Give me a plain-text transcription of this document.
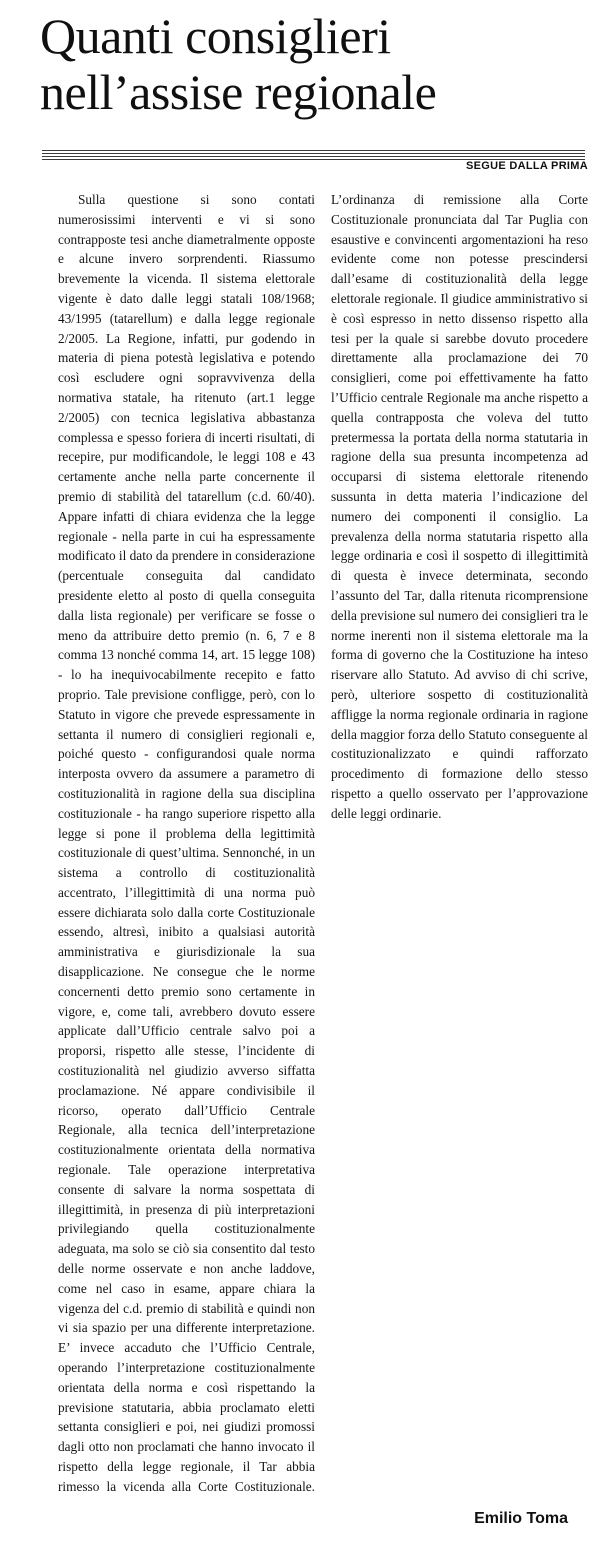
Quanti consiglieri nell’assise regionale

SEGUE DALLA PRIMA

Sulla questione si sono contati numerosissimi interventi e vi si sono contrapposte tesi anche diametralmente opposte e alcune invero sorprendenti. Riassumo brevemente la vicenda. Il sistema elettorale vigente è dato dalle leggi statali 108/1968; 43/1995 (tatarellum) e dalla legge regionale 2/2005. La Regione, infatti, pur godendo in materia di piena potestà legislativa e potendo così escludere ogni sopravvivenza della normativa statale, ha ritenuto (art.1 legge 2/2005) con tecnica legislativa abbastanza complessa e spesso foriera di incerti risultati, di recepire, pur modificandole, le leggi 108 e 43 certamente anche nella parte concernente il premio di stabilità del tatarellum (c.d. 60/40). Appare infatti di chiara evidenza che la legge regionale - nella parte in cui ha espressamente modificato il dato da prendere in considerazione (percentuale conseguita dal candidato presidente eletto al posto di quella conseguita dalla lista regionale) per verificare se fosse o meno da attribuire detto premio (n. 6, 7 e 8 comma 13 nonché comma 14, art. 15 legge 108) - lo ha inequivocabilmente recepito e fatto proprio. Tale previsione confligge, però, con lo Statuto in vigore che prevede espressamente in settanta il numero di consiglieri regionali e, poiché questo - configurandosi quale norma interposta ovvero da assumere a parametro di costituzionalità in ragione della sua disciplina costituzionale - ha rango superiore rispetto alla legge si pone il problema della legittimità costituzionale di quest’ultima. Sennonché, in un sistema a controllo di costituzionalità accentrato, l’illegittimità di una norma può essere dichiarata solo dalla corte Costituzionale essendo, altresì, inibito a qualsiasi autorità amministrativa e giurisdizionale la sua disapplicazione. Ne consegue che le norme concernenti detto premio sono certamente in vigore, e, come tali, avrebbero dovuto essere applicate dall’Ufficio centrale salvo poi a proporsi, rispetto alle stesse, l’incidente di costituzionalità nel giudizio avverso siffatta proclamazione. Né appare condivisibile il ricorso, operato dall’Ufficio Centrale Regionale, alla tecnica dell’interpretazione costituzionalmente orientata della normativa regionale. Tale operazione interpretativa consente di salvare la norma sospettata di illegittimità, in presenza di più interpretazioni privilegiando quella costituzionalmente adeguata, ma solo se ciò sia consentito dal testo delle norme osservate e non anche laddove, come nel caso in esame, appare chiara la vigenza del c.d. premio di stabilità e quindi non vi sia spazio per una differente interpretazione. E’ invece accaduto che l’Ufficio Centrale, operando l’interpretazione costituzionalmente orientata della norma e così rispettando la previsione statutaria, abbia proclamato eletti settanta consiglieri e poi, nei giudizi promossi dagli otto non proclamati che hanno invocato il rispetto della legge regionale, il Tar abbia rimesso la vicenda alla Corte Costituzionale. L’ordinanza di remissione alla Corte Costituzionale pronunciata dal Tar Puglia con esaustive e convincenti argomentazioni ha reso evidente come non potesse prescindersi dall’esame di costituzionalità della legge elettorale regionale. Il giudice amministrativo si è così espresso in netto dissenso rispetto alla tesi per la quale si sarebbe dovuto procedere direttamente alla proclamazione dei 70 consiglieri, come poi effettivamente ha fatto l’Ufficio centrale Regionale ma anche rispetto a quella contrapposta che voleva del tutto pretermessa la portata della norma statutaria in ragione della sua presunta incompetenza ad occuparsi di sistema elettorale ritenendo sussunta in detta materia l’indicazione del numero dei componenti il consiglio. La prevalenza della norma statutaria rispetto alla legge ordinaria e così il sospetto di illegittimità di questa è invece determinata, secondo l’assunto del Tar, dalla ritenuta ricomprensione della previsione sul numero dei consiglieri tra le norme inerenti non il sistema elettorale ma la forma di governo che la Costituzione ha inteso riservare allo Statuto. Ad avviso di chi scrive, però, ulteriore sospetto di costituzionalità affligge la norma regionale ordinaria in ragione della maggior forza dello Statuto conseguente al costituzionalizzato e quindi rafforzato procedimento di formazione dello stesso rispetto a quello osservato per l’approvazione delle leggi ordinarie.

Emilio Toma
